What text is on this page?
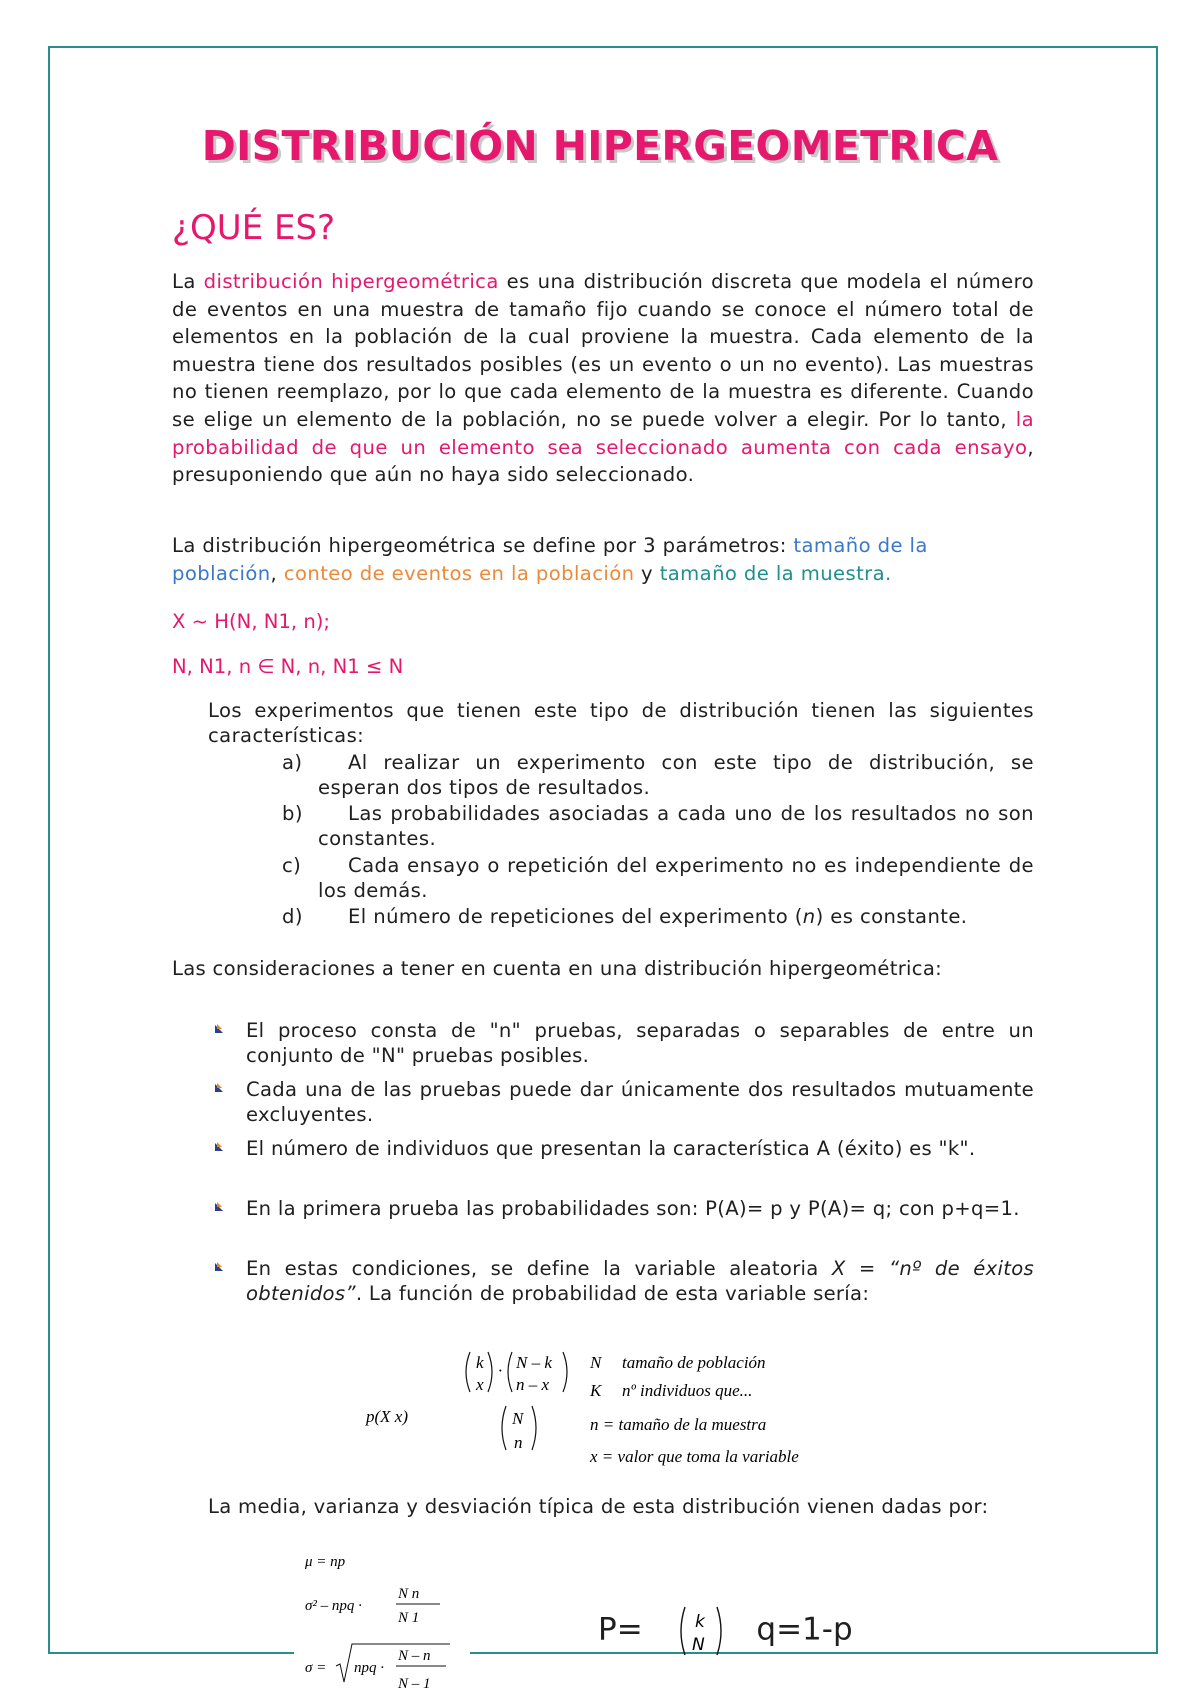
DISTRIBUCIÓN HIPERGEOMETRICA
¿QUÉ ES?
La distribución hipergeométrica es una distribución discreta que modela el número de eventos en una muestra de tamaño fijo cuando se conoce el número total de elementos en la población de la cual proviene la muestra. Cada elemento de la muestra tiene dos resultados posibles (es un evento o un no evento). Las muestras no tienen reemplazo, por lo que cada elemento de la muestra es diferente. Cuando se elige un elemento de la población, no se puede volver a elegir. Por lo tanto, la probabilidad de que un elemento sea seleccionado aumenta con cada ensayo, presuponiendo que aún no haya sido seleccionado.
La distribución hipergeométrica se define por 3 parámetros: tamaño de la población, conteo de eventos en la población y tamaño de la muestra.
X ~ H(N, N1, n);
N, N1, n ∈ N, n, N1 ≤ N
Los experimentos que tienen este tipo de distribución tienen las siguientes características:
a)	Al realizar un experimento con este tipo de distribución, se esperan dos tipos de resultados.
b)	Las probabilidades asociadas a cada uno de los resultados no son constantes.
c)	Cada ensayo o repetición del experimento no es independiente de los demás.
d)	El número de repeticiones del experimento (n) es constante.
Las consideraciones a tener en cuenta en una distribución hipergeométrica:
El proceso consta de "n" pruebas, separadas o separables de entre un conjunto de "N" pruebas posibles.
Cada una de las pruebas puede dar únicamente dos resultados mutuamente excluyentes.
El número de individuos que presentan la característica A (éxito) es "k".
En la primera prueba las probabilidades son: P(A)= p y P(A)= q; con p+q=1.
En estas condiciones, se define la variable aleatoria X = “nº de éxitos obtenidos”. La función de probabilidad de esta variable sería:
p(X x)
k
x
· N – k
n – x
N
n
N tamaño de población
K nº individuos que...
n = tamaño de la muestra
x = valor que toma la variable
La media, varianza y desviación típica de esta distribución vienen dadas por:
μ = np
σ² – npq ·
N n
N 1
σ = npq ·
N – n
N – 1
P=	k
N q=1-p
